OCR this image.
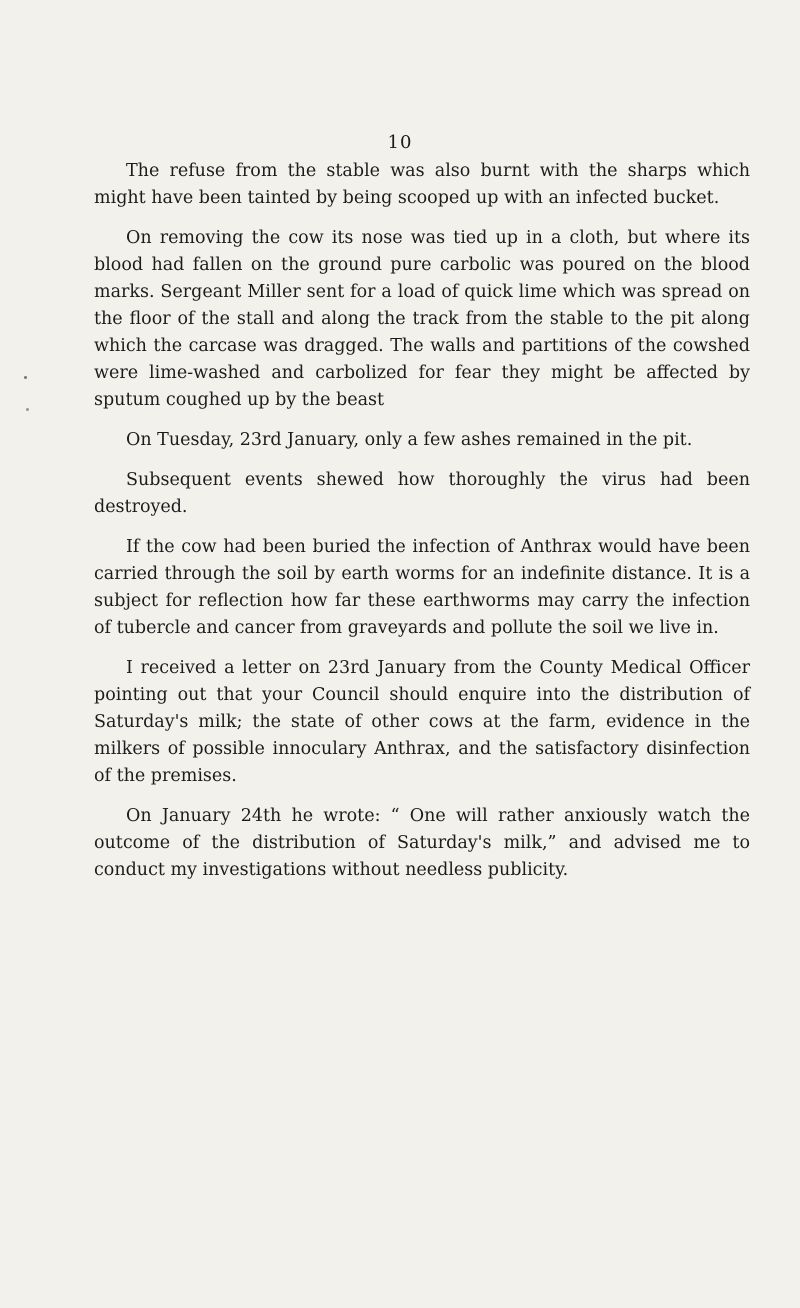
10

The refuse from the stable was also burnt with the sharps which might have been tainted by being scooped up with an infected bucket.

On removing the cow its nose was tied up in a cloth, but where its blood had fallen on the ground pure carbolic was poured on the blood marks. Sergeant Miller sent for a load of quick lime which was spread on the floor of the stall and along the track from the stable to the pit along which the carcase was dragged. The walls and partitions of the cowshed were lime-washed and carbolized for fear they might be affected by sputum coughed up by the beast

On Tuesday, 23rd January, only a few ashes remained in the pit.

Subsequent events shewed how thoroughly the virus had been destroyed.

If the cow had been buried the infection of Anthrax would have been carried through the soil by earth worms for an indefinite distance. It is a subject for reflection how far these earthworms may carry the infection of tubercle and cancer from graveyards and pollute the soil we live in.

I received a letter on 23rd January from the County Medical Officer pointing out that your Council should enquire into the distribution of Saturday's milk; the state of other cows at the farm, evidence in the milkers of possible innoculary Anthrax, and the satisfactory disinfection of the premises.

On January 24th he wrote: “ One will rather anxiously watch the outcome of the distribution of Saturday's milk,” and advised me to conduct my investigations without needless publicity.
